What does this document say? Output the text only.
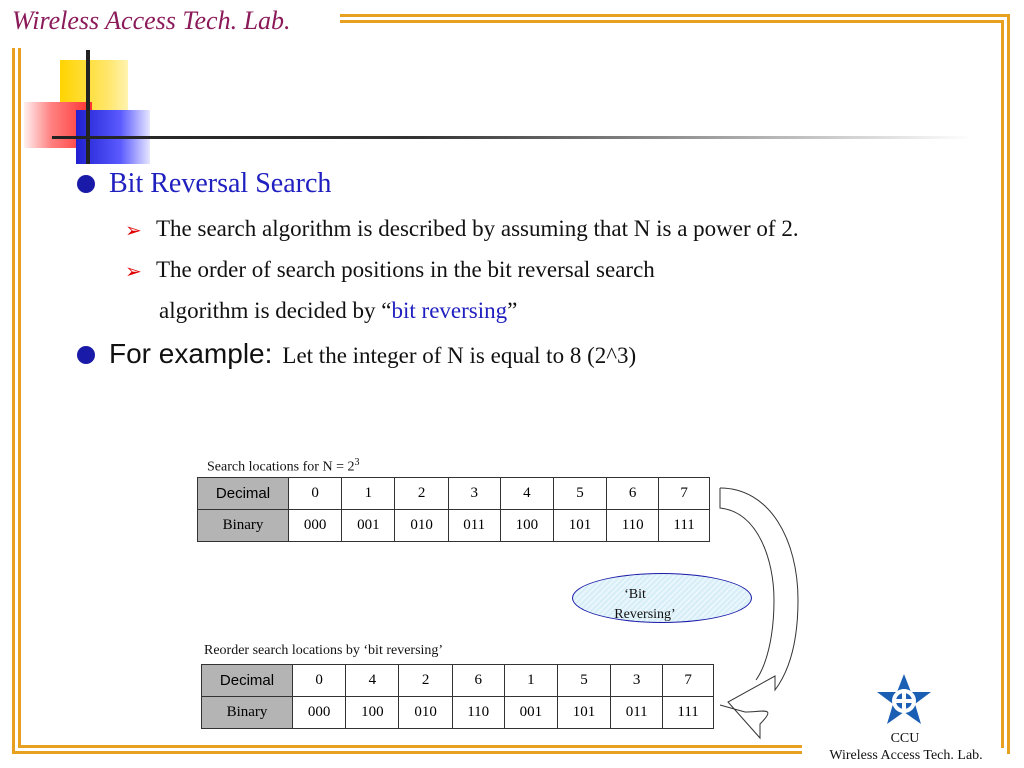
Wireless Access Tech. Lab.
Bit Reversal Search
➢ The search algorithm is described by assuming that N is a power of 2.
➢ The order of search positions in the bit reversal search
algorithm is decided by “bit reversing”
For example: Let the integer of N is equal to 8 (2^3)
Search locations for $N = 2^3$
Decimal	0	1	2	3	4	5	6	7
Binary	000	001	010	011	100	101	110	111
‘Bit
Reversing’
Reorder search locations by ‘bit reversing’
Decimal	0	4	2	6	1	5	3	7
Binary	000	100	010	110	001	101	011	111
CCU
Wireless Access Tech. Lab.
